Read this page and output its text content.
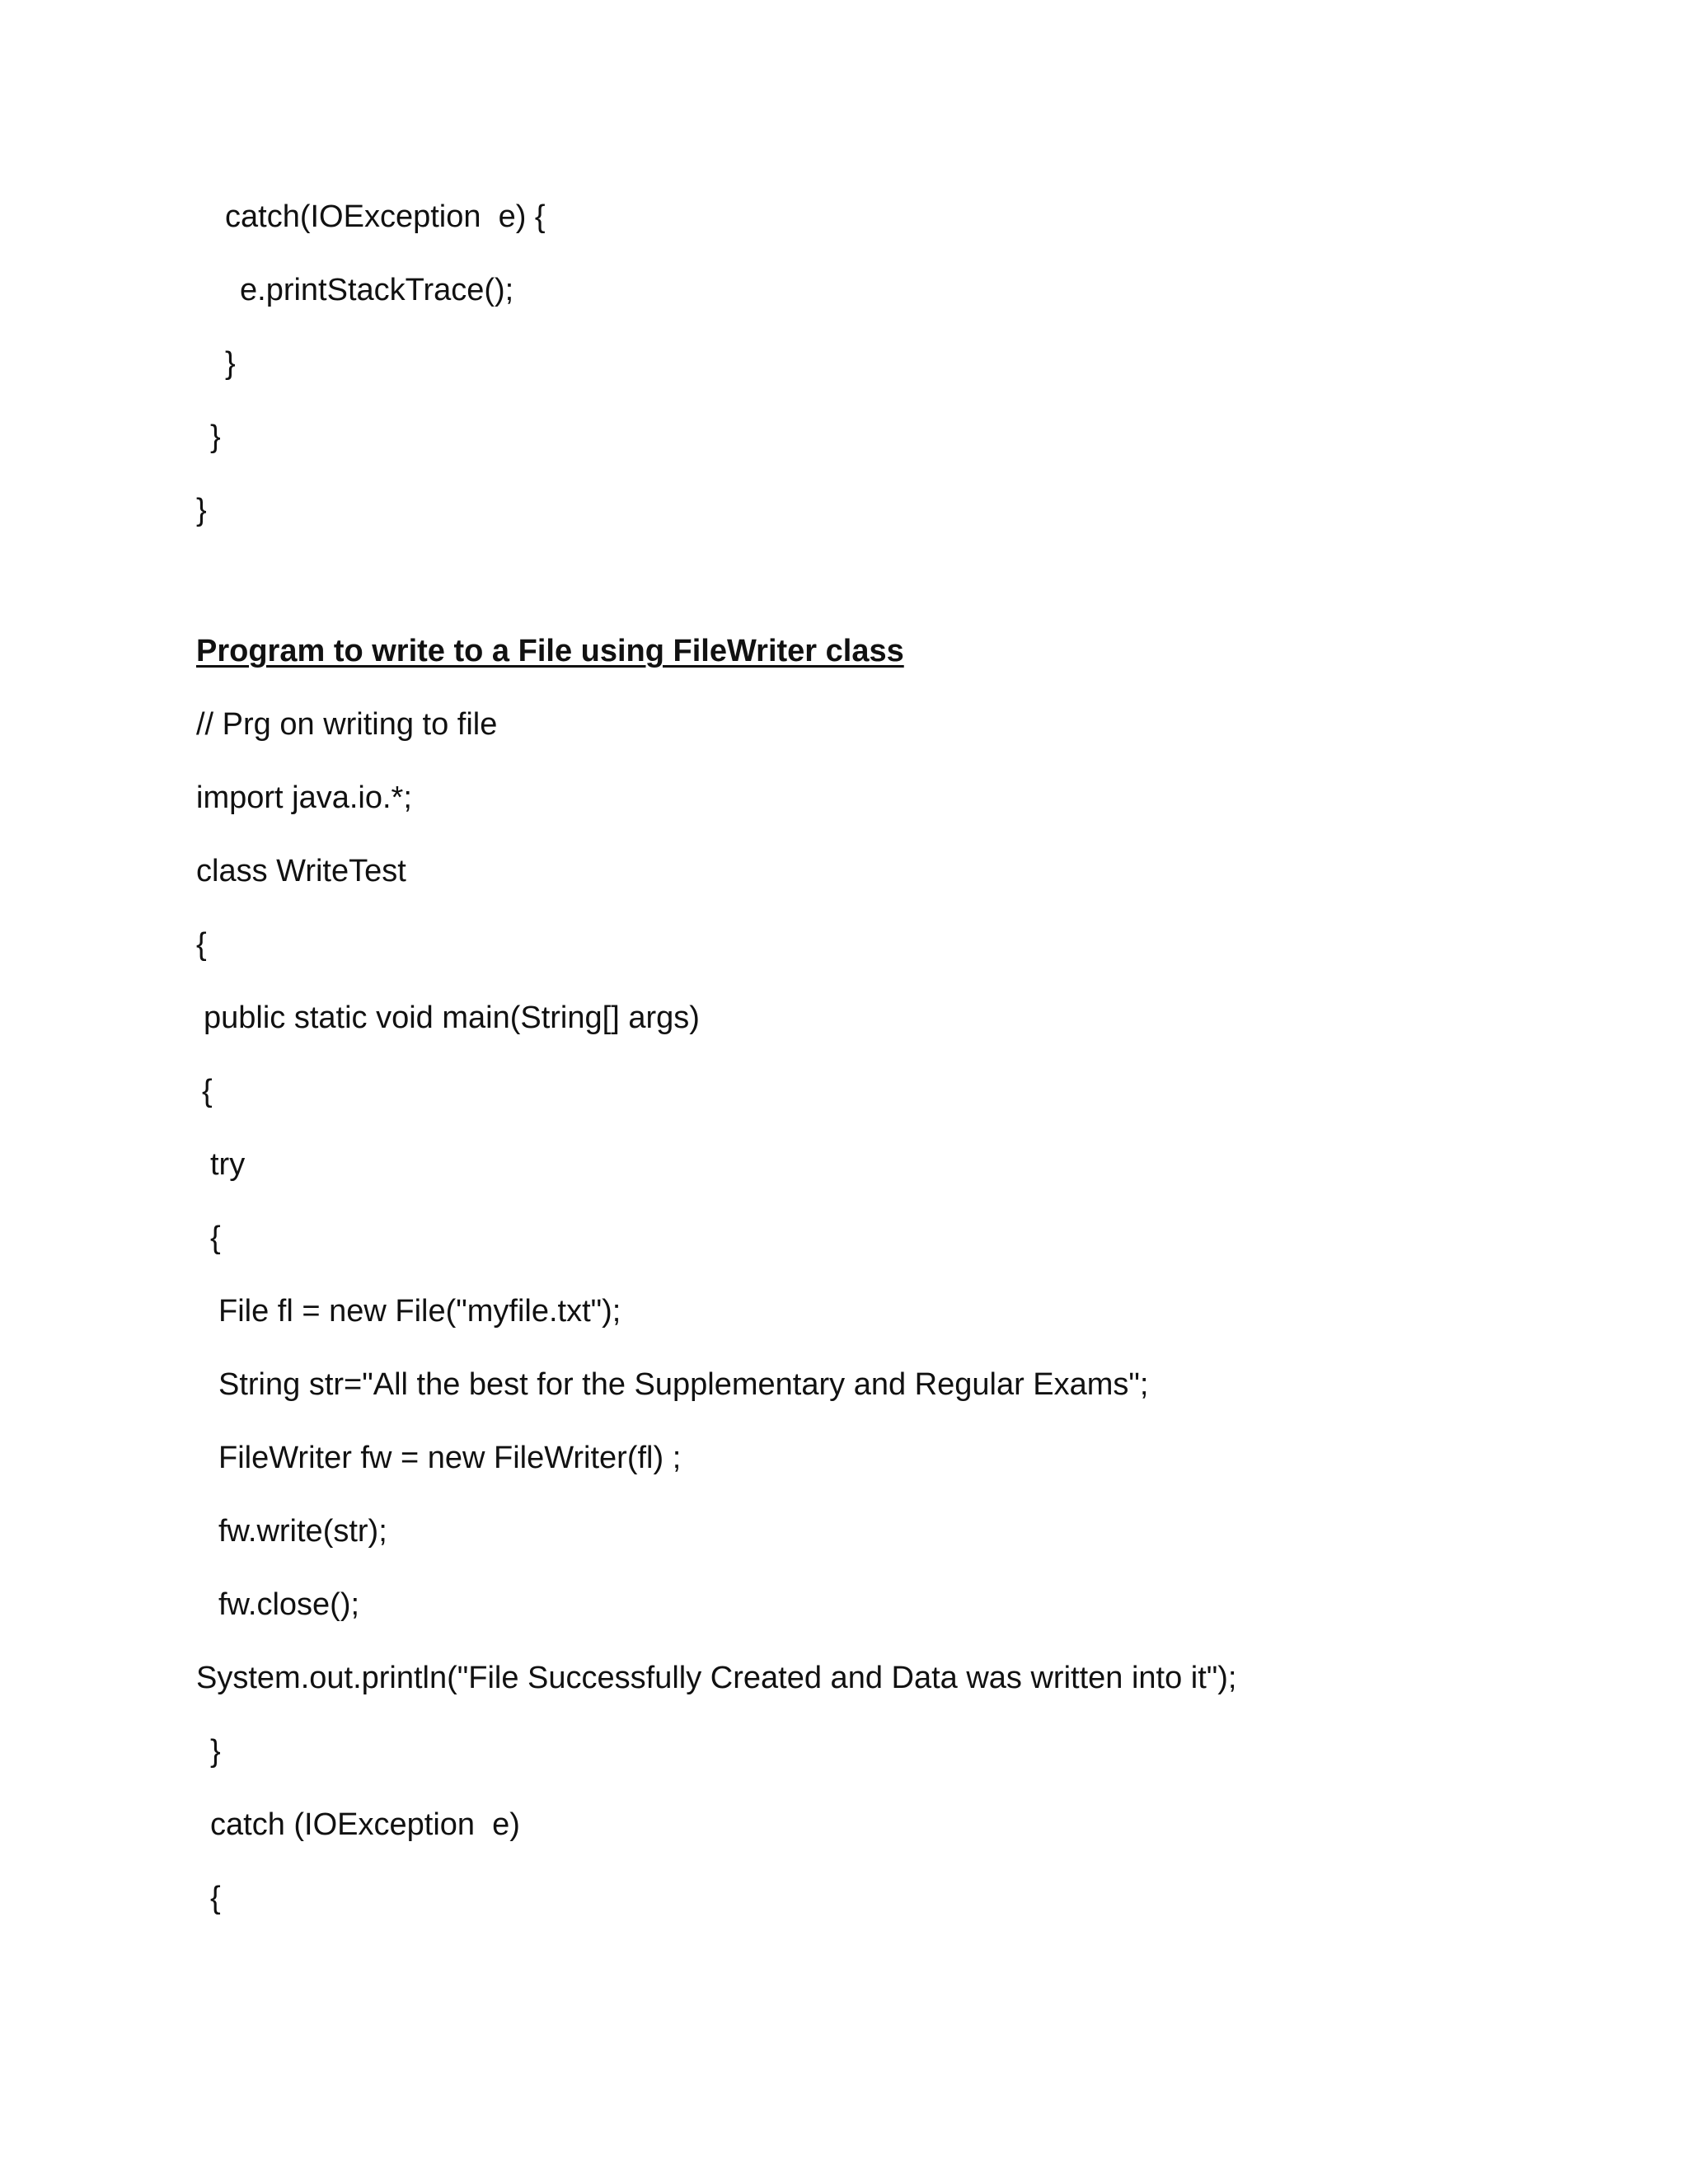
catch(IOException  e) {
e.printStackTrace();
}
}
}
Program to write to a File using FileWriter class
// Prg on writing to file
import java.io.*;
class WriteTest
{
public static void main(String[] args)
{
try
{
File fl = new File("myfile.txt");
String str="All the best for the Supplementary and Regular Exams";
FileWriter fw = new FileWriter(fl) ;
fw.write(str);
fw.close();
System.out.println("File Successfully Created and Data was written into it");
}
catch (IOException  e)
{
